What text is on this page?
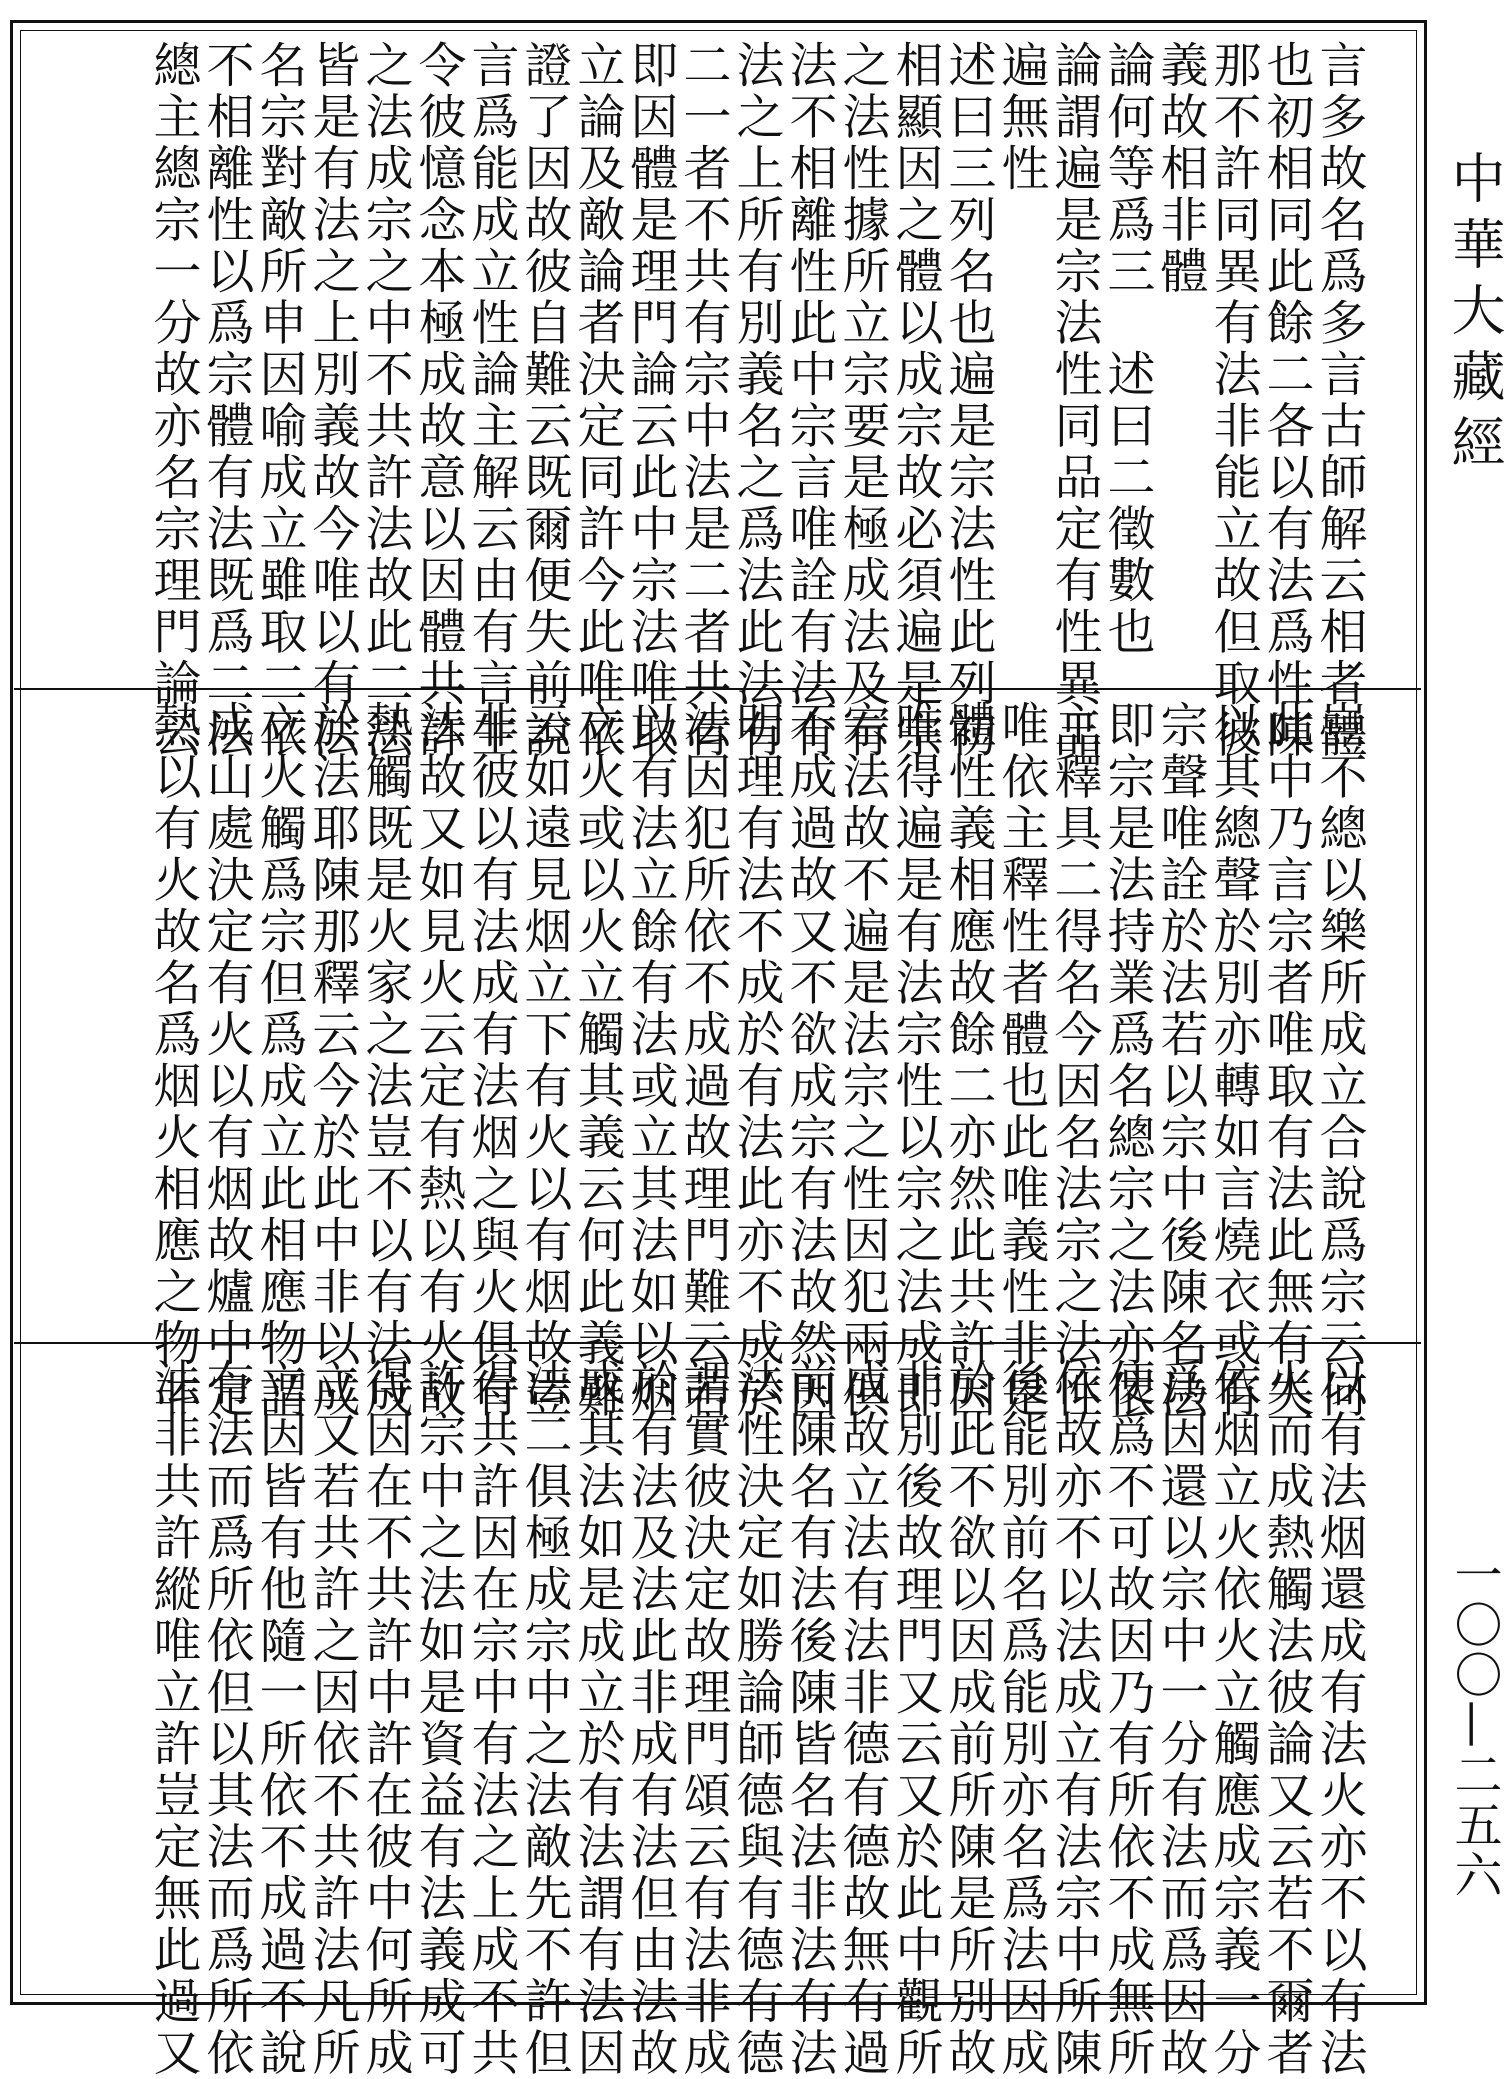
中華大藏經
一〇〇—二五六
言多故名爲多言古師解云相者體
也初相同此餘二各以有法爲性陳
那不許同異有法非能立故但取彼
義故相非體
論何等爲三　述曰二徵數也
論謂遍是宗法性同品定有性異品
遍無性
述曰三列名也遍是宗法性此列初
相顯因之體以成宗故必須遍是宗
之法性據所立宗要是極成法及有
法不相離性此中宗言唯詮有法有
法之上所有別義名之爲法此法有
二一者不共有宗中法是二者共有
即因體是理門論云此中宗法唯取
立論及敵論者決定同許今此唯依
證了因故彼自難云既爾便失前說
言爲能成立性論主解云由有言生
令彼憶念本極成故意以因體共許
之法成宗之中不共許法故此二法
皆是有法之上別義故今唯以有法
名宗對敵所申因喻成立雖取二依
不相離性以爲宗體有法既爲二法
總主總宗一分故亦名宗理門論云
豈不總以樂所成立合說爲宗云何
此中乃言宗者唯取有法此無有失
以其總聲於別亦轉如言燒衣或有
宗聲唯詮於法若以宗中後陳名法
即宗是法持業爲名總宗之法亦依
主釋具二得名今因名法宗之法性
唯依主釋性者體也此唯義性非是
體性義相應故餘二亦然此共許因
唯得遍是有法宗性以宗之法成即
宗法故不遍是法宗之性因犯兩俱
不成過故又不欲成宗有法故然因
明理有法不成於有法此亦不成於
法因犯所依不成過故理門難云若
以有法立餘有法或立其法如以烟
立火或以火立觸其義云何此義難
云如遠見烟立下有火以有烟故豈
非彼以有法成有法烟之與火俱有
法故又如見火云定有熱以有火故
熱觸既是火家之法豈不以有法成
於法耶陳那釋云今於此中非以成
立火觸爲宗但爲成立此相應物謂
成山處決定有火以有烟故爐中定
熱以有火故名爲烟火相應之物非
以有法烟還成有法火亦不以有法
火而成熱觸法彼論又云若不爾者
依烟立火依火立觸應成宗義一分
爲因還以宗中一分有法而爲因故
便爲不可故因乃有所依不成無所
依故亦不以法成立有法宗中所陳
後能別前名爲能別亦名爲法因成
於此不欲以因成前所陳是所別故
非別後故理門又云又於此中觀所
成故立法有法非德有德故無有過
前陳名有法後陳皆名法非法有法
法性決定如勝論師德與有德有德
謂實彼決定故理門頌云有法非成
於有法及法此非成有法但由法故
成其法如是成立於有法謂有法因
法二俱極成宗中之法敵先不許但
得共許因在宗中有法之上成不共
許宗中之法如是資益有法義成可
得因在不共許中許在彼中何所成
立又若共許之因依不共許法凡所
立因皆有他隨一所依不成過不說
有法而爲所依但以其法而爲所依
法非共許縱唯立許豈定無此過又
